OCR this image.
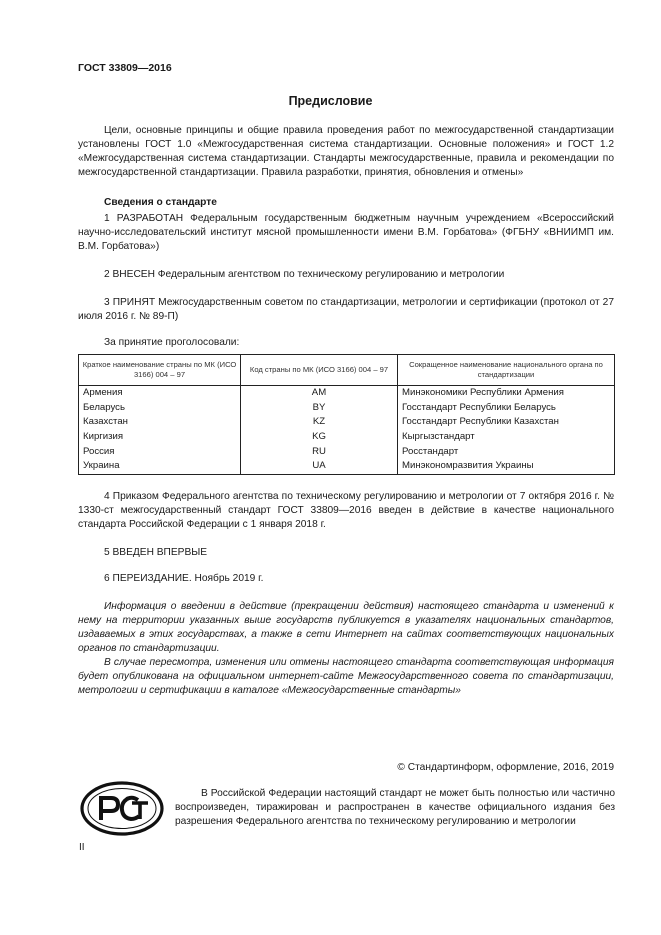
ГОСТ 33809—2016
Предисловие

Цели, основные принципы и общие правила проведения работ по межгосударственной стандартизации установлены ГОСТ 1.0 «Межгосударственная система стандартизации. Основные положения» и ГОСТ 1.2 «Межгосударственная система стандартизации. Стандарты межгосударственные, правила и рекомендации по межгосударственной стандартизации. Правила разработки, принятия, обновления и отмены»

Сведения о стандарте

1 РАЗРАБОТАН Федеральным государственным бюджетным научным учреждением «Всероссийский научно-исследовательский институт мясной промышленности имени В.М. Горбатова» (ФГБНУ «ВНИИМП им. В.М. Горбатова»)

2 ВНЕСЕН Федеральным агентством по техническому регулированию и метрологии

3 ПРИНЯТ Межгосударственным советом по стандартизации, метрологии и сертификации (протокол от 27 июля 2016 г. № 89-П)

За принятие проголосовали:

Краткое наименование страны по МК (ИСО 3166) 004 – 97	Код страны по МК (ИСО 3166) 004 – 97	Сокращенное наименование национального органа по стандартизации
Армения	AM	Минэкономики Республики Армения
Беларусь	BY	Госстандарт Республики Беларусь
Казахстан	KZ	Госстандарт Республики Казахстан
Киргизия	KG	Кыргызстандарт
Россия	RU	Росстандарт
Украина	UA	Минэкономразвития Украины

4 Приказом Федерального агентства по техническому регулированию и метрологии от 7 октября 2016 г. № 1330-ст межгосударственный стандарт ГОСТ 33809—2016 введен в действие в качестве национального стандарта Российской Федерации с 1 января 2018 г.

5 ВВЕДЕН ВПЕРВЫЕ

6 ПЕРЕИЗДАНИЕ. Ноябрь 2019 г.

Информация о введении в действие (прекращении действия) настоящего стандарта и изменений к нему на территории указанных выше государств публикуется в указателях национальных стандартов, издаваемых в этих государствах, а также в сети Интернет на сайтах соответствующих национальных органов по стандартизации.

В случае пересмотра, изменения или отмены настоящего стандарта соответствующая информация будет опубликована на официальном интернет-сайте Межгосударственного совета по стандартизации, метрологии и сертификации в каталоге «Межгосударственные стандарты»

© Стандартинформ, оформление, 2016, 2019

В Российской Федерации настоящий стандарт не может быть полностью или частично воспроизведен, тиражирован и распространен в качестве официального издания без разрешения Федерального агентства по техническому регулированию и метрологии

II
